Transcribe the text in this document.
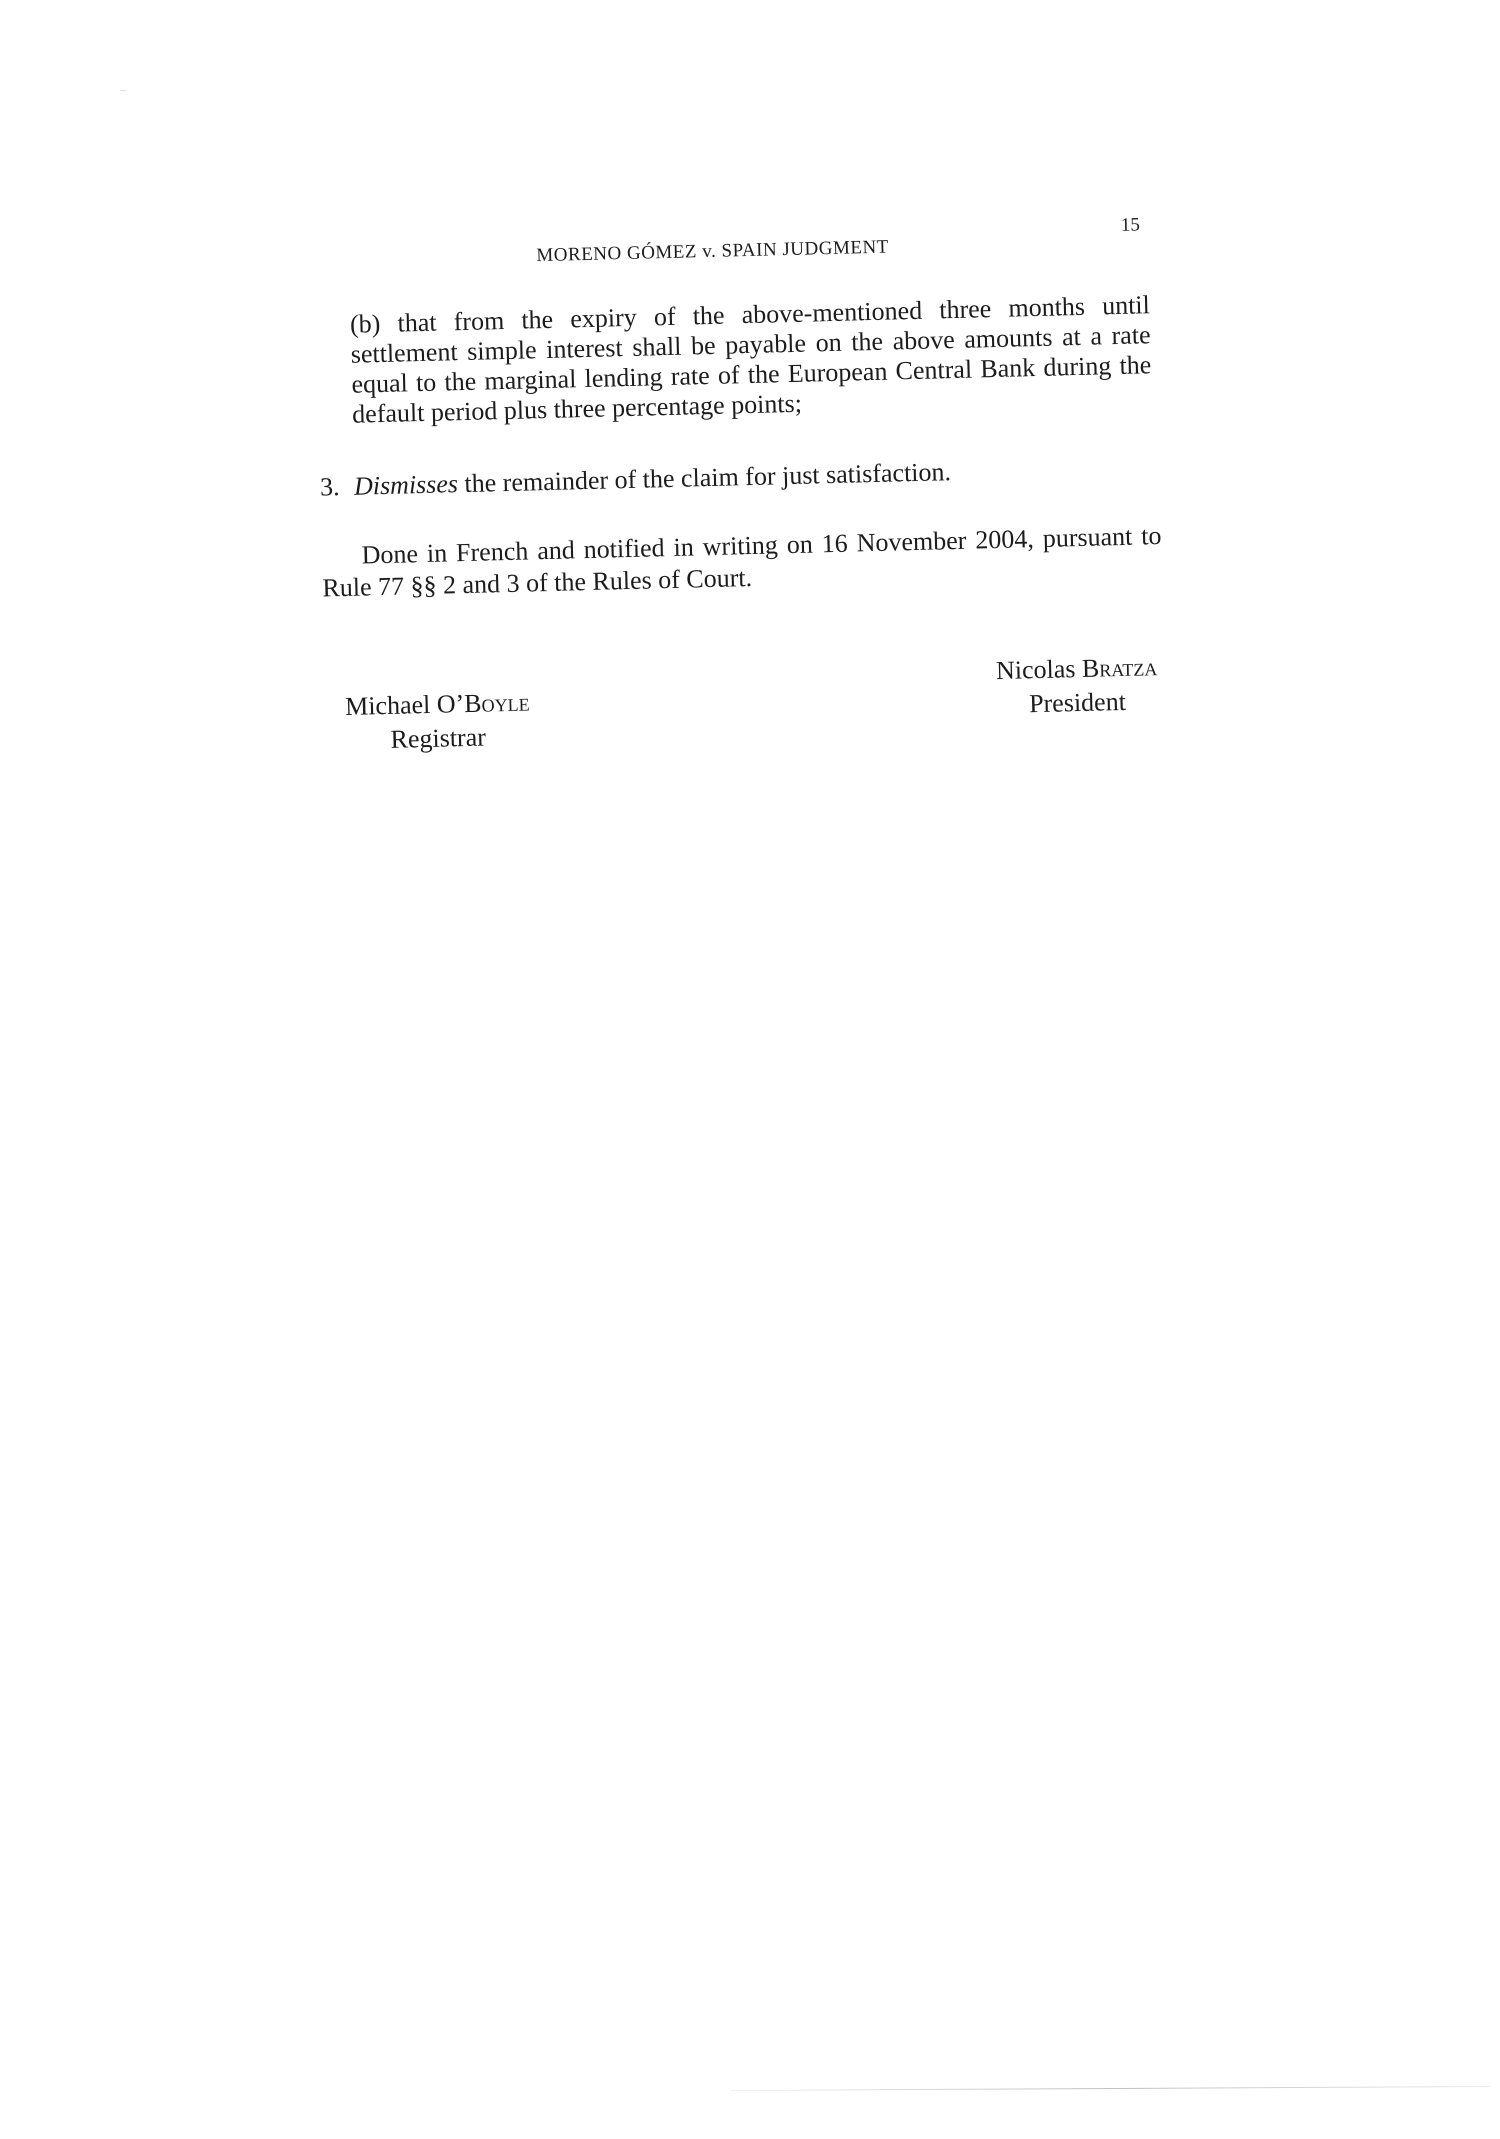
MORENO GÓMEZ v. SPAIN JUDGMENT
15
(b) that from the expiry of the above-mentioned three months until settlement simple interest shall be payable on the above amounts at a rate equal to the marginal lending rate of the European Central Bank during the default period plus three percentage points;
3. Dismisses the remainder of the claim for just satisfaction.
Done in French and notified in writing on 16 November 2004, pursuant to Rule 77 §§ 2 and 3 of the Rules of Court.
Michael O’Boyle
Registrar
Nicolas Bratza
President
